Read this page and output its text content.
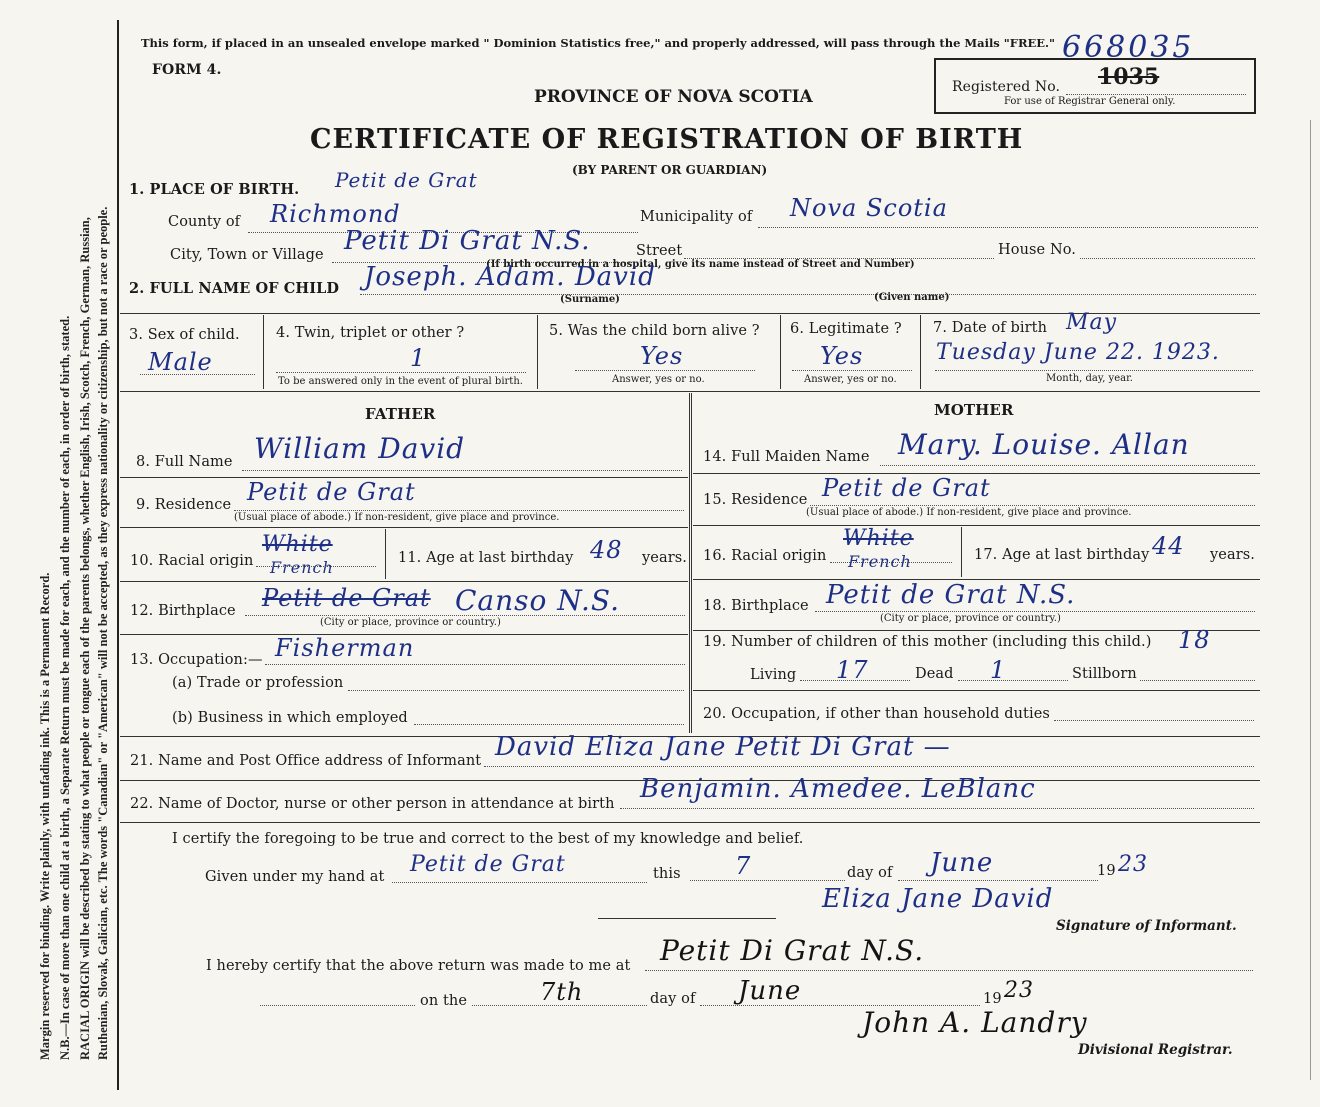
Margin reserved for binding. Write plainly, with unfading ink. This is a Permanent Record. N.B.—In case of more than one child at a birth, a Separate Return must be made for each, and the number of each, in order of birth, stated. RACIAL ORIGIN will be described by stating to what people or tongue each of the parents belongs, whether English, Irish, Scotch, French, German, Russian, Ruthenian, Slovak, Galician, etc. The words "Canadian" or "American" will not be accepted, as they express nationality or citizenship, but not a race or people.
This form, if placed in an unsealed envelope marked " Dominion Statistics free," and properly addressed, will pass through the Mails "FREE." 668035
FORM 4.
PROVINCE OF NOVA SCOTIA
CERTIFICATE OF REGISTRATION OF BIRTH
(BY PARENT OR GUARDIAN)
Registered No. 1035
For use of Registrar General only.
1. PLACE OF BIRTH. Petit de Grat
County of Richmond	Municipality of Nova Scotia
City, Town or Village Petit Di Grat N.S.	Street	House No.
(If birth occurred in a hospital, give its name instead of Street and Number)
2. FULL NAME OF CHILD Joseph. Adam. David
(Surname)	(Given name)
3. Sex of child.
Male
4. Twin, triplet or other ?
1
To be answered only in the event of plural birth.
5. Was the child born alive ?
Yes
Answer, yes or no.
6. Legitimate ?
Yes
Answer, yes or no.
7. Date of birth May
Tuesday June 22. 1923.
Month, day, year.
FATHER	MOTHER
8. Full Name William David
9. Residence Petit de Grat
(Usual place of abode.) If non-resident, give place and province.
10. Racial origin
White
French	11. Age at last birthday 48 years.
12. Birthplace Petit de Grat Canso N.S.
(City or place, province or country.)
13. Occupation:— Fisherman
(a) Trade or profession
(b) Business in which employed
14. Full Maiden Name Mary. Louise. Allan
15. Residence Petit de Grat
(Usual place of abode.) If non-resident, give place and province.
16. Racial origin
White
French	17. Age at last birthday 44 years.
18. Birthplace Petit de Grat N.S.
(City or place, province or country.)
19. Number of children of this mother (including this child.) 18
Living 17	Dead 1	Stillborn
20. Occupation, if other than household duties
21. Name and Post Office address of Informant David Eliza Jane Petit Di Grat —
22. Name of Doctor, nurse or other person in attendance at birth Benjamin. Amedee. LeBlanc
I certify the foregoing to be true and correct to the best of my knowledge and belief.
Given under my hand at Petit de Grat	this 7	day of June	19 23
Eliza Jane David
Signature of Informant.
I hereby certify that the above return was made to me at Petit Di Grat N.S.
on the	7th	day of June	19 23
John A. Landry
Divisional Registrar.
